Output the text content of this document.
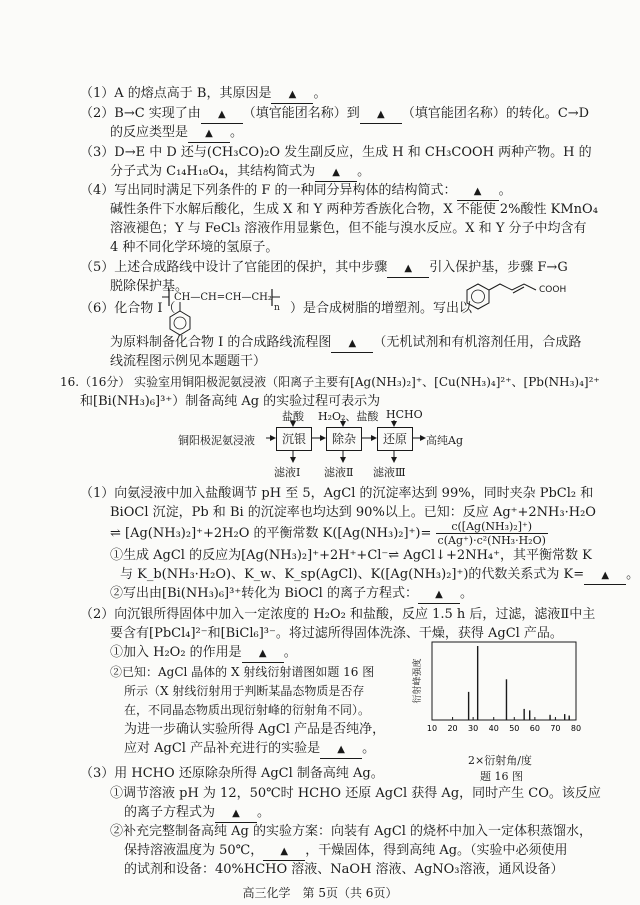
（1）A 的熔点高于 B，其原因是 ▲ 。
（2）B→C 实现了由 ▲ （填官能团名称）到 ▲ （填官能团名称）的转化。C→D
的反应类型是 ▲ 。
（3）D→E 中 D 还与(CH₃CO)₂O 发生副反应，生成 H 和 CH₃COOH 两种产物。H 的
分子式为 C₁₄H₁₈O₄，其结构简式为 ▲ 。
（4）写出同时满足下列条件的 F 的一种同分异构体的结构简式： ▲ 。
碱性条件下水解后酸化，生成 X 和 Y 两种芳香族化合物，X 不能使 2%酸性 KMnO₄
溶液褪色；Y 与 FeCl₃ 溶液作用显紫色，但不能与溴水反应。X 和 Y 分子中均含有
4 种不同化学环境的氢原子。
（5）上述合成路线中设计了官能团的保护，其中步骤 ▲ 引入保护基，步骤 F→G
脱除保护基。
（6）化合物 I（
CH—CH=CH—CH₂
n ）是合成树脂的增塑剂。写出以
COOH
为原料制备化合物 I 的合成路线流程图 ▲ （无机试剂和有机溶剂任用，合成路
线流程图示例见本题题干）
16.（16分） 实验室用铜阳极泥氨浸液（阳离子主要有[Ag(NH₃)₂]⁺、[Cu(NH₃)₄]²⁺、[Pb(NH₃)₄]²⁺
和[Bi(NH₃)₆]³⁺）制备高纯 Ag 的实验过程可表示为
铜阳极泥氨浸液
盐酸 H₂O₂、盐酸 HCHO
沉银	除杂	还原	高纯Ag
滤液Ⅰ 滤液Ⅱ 滤液Ⅲ
（1）向氨浸液中加入盐酸调节 pH 至 5，AgCl 的沉淀率达到 99%，同时夹杂 PbCl₂ 和
BiOCl 沉淀，Pb 和 Bi 的沉淀率也均达到 90%以上。已知：反应 Ag⁺+2NH₃·H₂O
⇌ [Ag(NH₃)₂]⁺+2H₂O 的平衡常数 $K([Ag(NH_3)_2]^+)= \frac{\text{c([Ag(NH₃)₂]⁺)}}{\text{c(Ag⁺)·c²(NH₃·H₂O)}}$
①生成 AgCl 的反应为[Ag(NH₃)₂]⁺+2H⁺+Cl⁻⇌ AgCl↓+2NH₄⁺，其平衡常数 K
与 K_b(NH₃·H₂O)、K_w、K_sp(AgCl)、K([Ag(NH₃)₂]⁺)的代数关系式为 K= ▲ 。
②写出由[Bi(NH₃)₆]³⁺转化为 BiOCl 的离子方程式： ▲ 。
（2）向沉银所得固体中加入一定浓度的 H₂O₂ 和盐酸，反应 1.5 h 后，过滤，滤液Ⅱ中主
要含有[PbCl₄]²⁻和[BiCl₆]³⁻。将过滤所得固体洗涤、干燥，获得 AgCl 产品。
①加入 H₂O₂ 的作用是 ▲ 。
②已知：AgCl 晶体的 X 射线衍射谱图如题 16 图
所示（X 射线衍射用于判断某晶态物质是否存
在，不同晶态物质出现衍射峰的衍射角不同）。
为进一步确认实验所得 AgCl 产品是否纯净，
应对 AgCl 产品补充进行的实验是 ▲ 。
衍射峰强度
10 20 30 40 50 60 70 80
2×衍射角/度
题 16 图
（3）用 HCHO 还原除杂所得 AgCl 制备高纯 Ag。
①调节溶液 pH 为 12，50℃时 HCHO 还原 AgCl 获得 Ag，同时产生 CO。该反应
的离子方程式为 ▲ 。
②补充完整制备高纯 Ag 的实验方案：向装有 AgCl 的烧杯中加入一定体积蒸馏水，
保持溶液温度为 50℃， ▲ ，干燥固体，得到高纯 Ag。（实验中必须使用
的试剂和设备：40%HCHO 溶液、NaOH 溶液、AgNO₃溶液，通风设备）
高三化学　第 5页（共 6页）
